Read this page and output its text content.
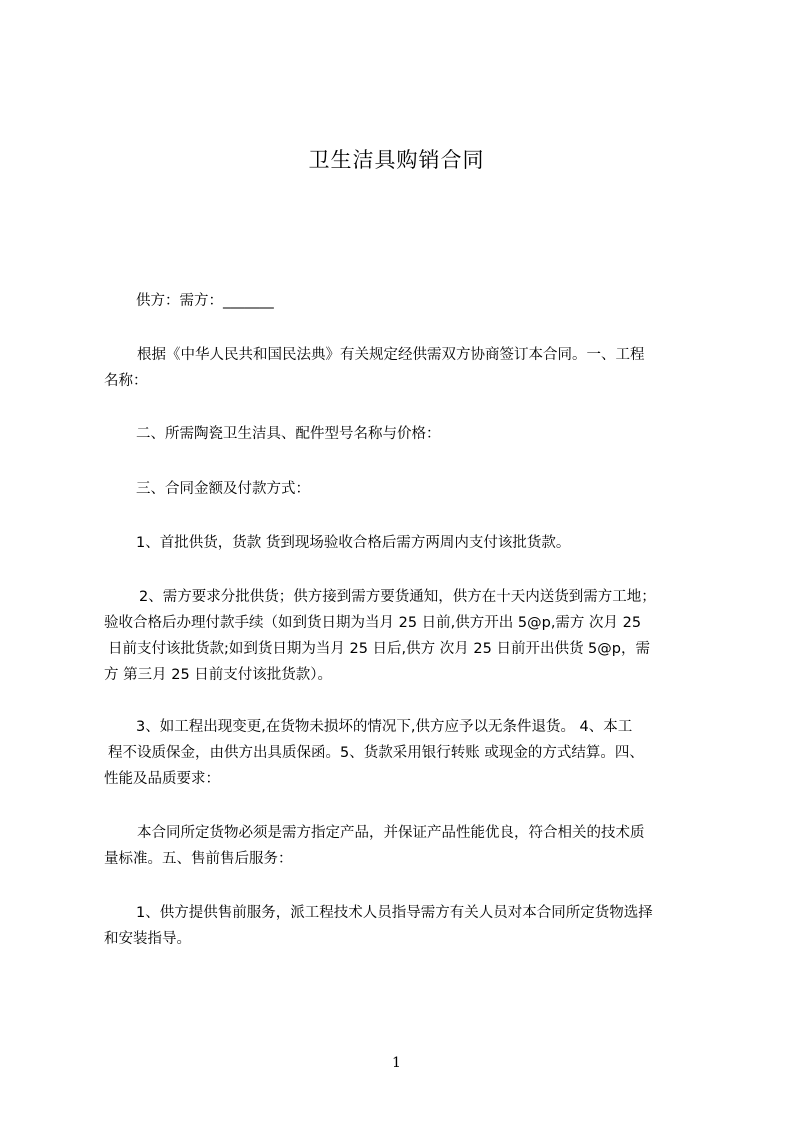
卫生洁具购销合同
供方：需方：_______
根据《中华人民共和国民法典》有关规定经供需双方协商签订本合同。一、工程
名称：
二、所需陶瓷卫生洁具、配件型号名称与价格：
三、合同金额及付款方式：
1、首批供货，货款 货到现场验收合格后需方两周内支付该批货款。
2、需方要求分批供货；供方接到需方要货通知，供方在十天内送货到需方工地；
验收合格后办理付款手续（如到货日期为当月 25 日前,供方开出 5@p,需方 次月 25
日前支付该批货款;如到货日期为当月 25 日后,供方 次月 25 日前开出供货 5@p，需
方 第三月 25 日前支付该批货款）。
3、如工程出现变更,在货物未损坏的情况下,供方应予以无条件退货。 4、本工
程不设质保金，由供方出具质保函。5、货款采用银行转账 或现金的方式结算。四、
性能及品质要求：
本合同所定货物必须是需方指定产品，并保证产品性能优良，符合相关的技术质
量标准。五、售前售后服务：
1、供方提供售前服务，派工程技术人员指导需方有关人员对本合同所定货物选择
和安装指导。
1
